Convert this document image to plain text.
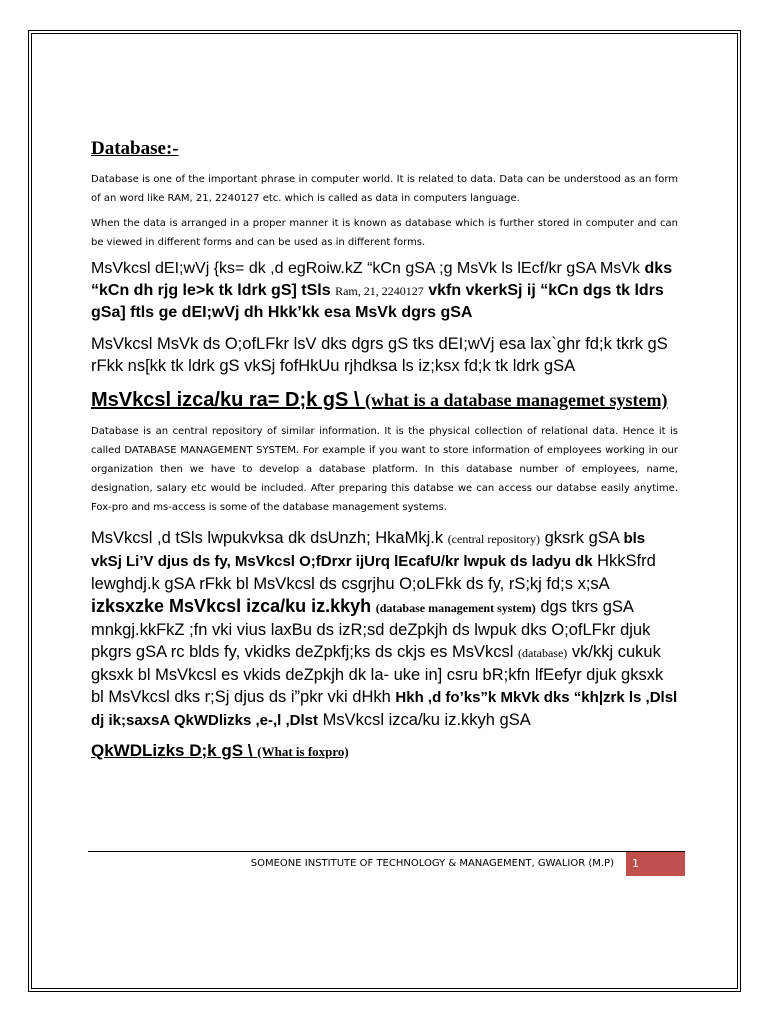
Database:-

Database is one of the important phrase in computer world. It is related to data. Data can be understood as an form of an word like RAM, 21, 2240127 etc. which is called as data in computers language.

When the data is arranged in a proper manner it is known as database which is further stored in computer and can be viewed in different forms and can be used as in different forms.

MsVkcsl dEI;wVj {ks= dk ,d egRoiw.kZ “kCn gSA ;g MsVk ls lEcf/kr gSA MsVk dks “kCn dh rjg le>k tk ldrk gS] tSls Ram, 21, 2240127 vkfn vkerkSj ij “kCn dgs tk ldrs gSa] ftls ge dEI;wVj dh Hkk’kk esa MsVk dgrs gSA

MsVkcsl MsVk ds O;ofLFkr lsV dks dgrs gS tks dEI;wVj esa lax`ghr fd;k tkrk gS rFkk ns[kk tk ldrk gS vkSj fofHkUu rjhdksa ls iz;ksx fd;k tk ldrk gSA

MsVkcsl izca/ku ra= D;k gS \ (what is a database managemet system)

Database is an central repository of similar information. It is the physical collection of relational data. Hence it is called DATABASE MANAGEMENT SYSTEM. For example if you want to store information of employees working in our organization then we have to develop a database platform. In this database number of employees, name, designation, salary etc would be included. After preparing this databse we can access our databse easily anytime. Fox-pro and ms-access is some of the database management systems.

MsVkcsl ,d tSls lwpukvksa dk dsUnzh; HkaMkj.k (central repository) gksrk gSA bls vkSj Li’V djus ds fy, MsVkcsl O;fDrxr ijUrq lEcafU/kr lwpuk ds ladyu dk HkkSfrd lewghdj.k gSA rFkk bl MsVkcsl ds csgrjhu O;oLFkk ds fy, rS;kj fd;s x;sA izksxzke MsVkcsl izca/ku iz.kkyh (database management system) dgs tkrs gSA mnkgj.kkFkZ ;fn vki vius laxBu ds izR;sd deZpkjh ds lwpuk dks O;ofLFkr djuk pkgrs gSA rc blds fy, vkidks deZpkfj;ks ds ckjs es MsVkcsl (database) vk/kkj cukuk gksxk bl MsVkcsl es vkids deZpkjh dk la- uke in] csru bR;kfn lfEefyr djuk gksxk bl MsVkcsl dks r;Sj djus ds i”pkr vki dHkh Hkh ,d fo’ks”k MkVk dks “kh|zrk ls ,Dlsl dj ik;saxsA QkWDlizks ,e-,l ,Dlst MsVkcsl izca/ku iz.kkyh gSA

QkWDLizks D;k gS \ (What is foxpro)
SOMEONE INSTITUTE OF TECHNOLOGY & MANAGEMENT, GWALIOR (M.P)	1
